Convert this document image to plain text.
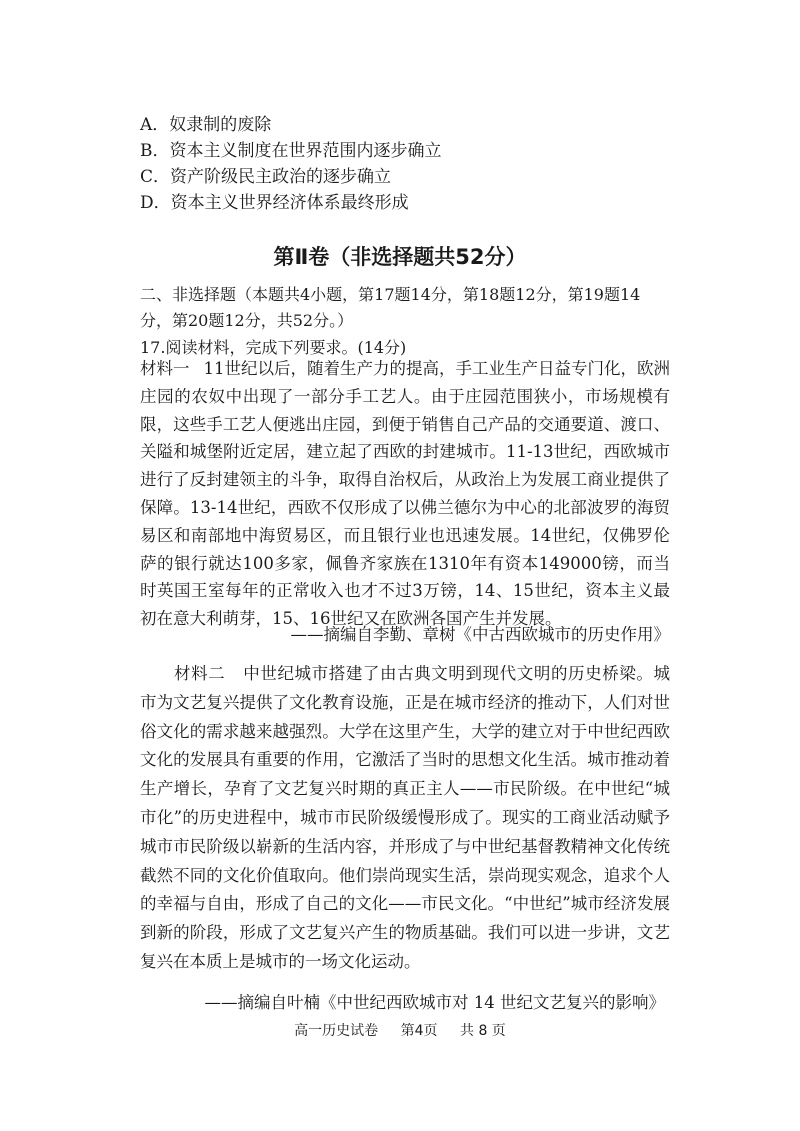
A．奴隶制的废除
B．资本主义制度在世界范围内逐步确立
C．资产阶级民主政治的逐步确立
D．资本主义世界经济体系最终形成
第Ⅱ卷（非选择题共52分）
二、非选择题（本题共4小题，第17题14分，第18题12分，第19题14分，第20题12分，共52分。）
17.阅读材料，完成下列要求。(14分)
材料一 11世纪以后，随着生产力的提高，手工业生产日益专门化，欧洲庄园的农奴中出现了一部分手工艺人。由于庄园范围狭小，市场规模有限，这些手工艺人便逃出庄园，到便于销售自己产品的交通要道、渡口、关隘和城堡附近定居，建立起了西欧的封建城市。11-13世纪，西欧城市进行了反封建领主的斗争，取得自治权后，从政治上为发展工商业提供了保障。13-14世纪，西欧不仅形成了以佛兰德尔为中心的北部波罗的海贸易区和南部地中海贸易区，而且银行业也迅速发展。14世纪，仅佛罗伦萨的银行就达100多家，佩鲁齐家族在1310年有资本149000镑，而当时英国王室每年的正常收入也才不过3万镑，14、15世纪，资本主义最初在意大利萌芽，15、16世纪又在欧洲各国产生并发展。
——摘编自李勤、章树《中古西欧城市的历史作用》
材料二 中世纪城市搭建了由古典文明到现代文明的历史桥梁。城市为文艺复兴提供了文化教育设施，正是在城市经济的推动下，人们对世俗文化的需求越来越强烈。大学在这里产生，大学的建立对于中世纪西欧文化的发展具有重要的作用，它激活了当时的思想文化生活。城市推动着生产增长，孕育了文艺复兴时期的真正主人——市民阶级。在中世纪“城市化”的历史进程中，城市市民阶级缓慢形成了。现实的工商业活动赋予城市市民阶级以崭新的生活内容，并形成了与中世纪基督教精神文化传统截然不同的文化价值取向。他们崇尚现实生活，崇尚现实观念，追求个人的幸福与自由，形成了自己的文化——市民文化。“中世纪”城市经济发展到新的阶段，形成了文艺复兴产生的物质基础。我们可以进一步讲，文艺复兴在本质上是城市的一场文化运动。
——摘编自叶楠《中世纪西欧城市对 14 世纪文艺复兴的影响》
高一历史试卷 第4页 共 8 页
